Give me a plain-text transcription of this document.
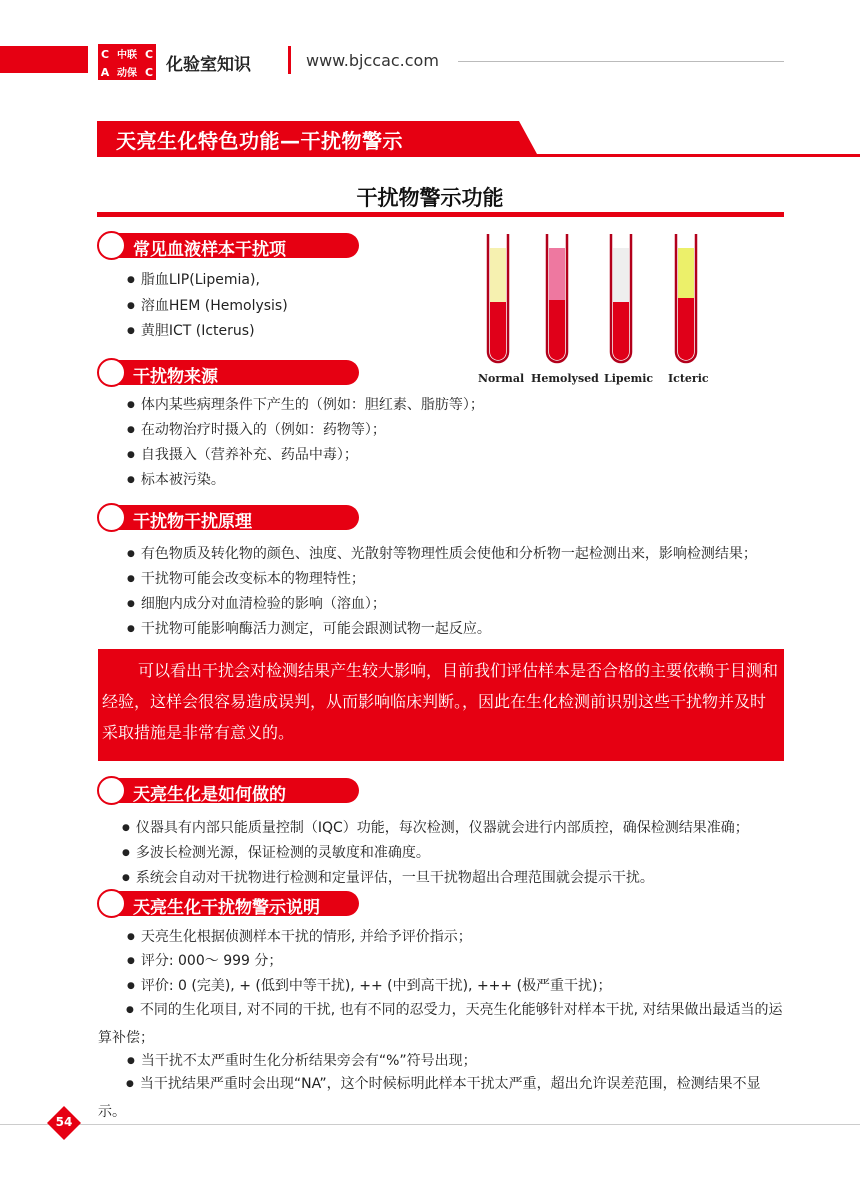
C 中联 C
A 动保 C 化验室知识	www.bjccac.com
天亮生化特色功能—干扰物警示
干扰物警示功能
常见血液样本干扰项
● 脂血LIP(Lipemia),
● 溶血HEM (Hemolysis)
● 黄胆ICT (Icterus)
Normal Hemolysed Lipemic Icteric
干扰物来源
● 体内某些病理条件下产生的（例如：胆红素、脂肪等）；
● 在动物治疗时摄入的（例如：药物等）；
● 自我摄入（营养补充、药品中毒）；
● 标本被污染。
干扰物干扰原理
● 有色物质及转化物的颜色、浊度、光散射等物理性质会使他和分析物一起检测出来，影响检测结果；
● 干扰物可能会改变标本的物理特性；
● 细胞内成分对血清检验的影响（溶血）；
● 干扰物可能影响酶活力测定，可能会跟测试物一起反应。
可以看出干扰会对检测结果产生较大影响，目前我们评估样本是否合格的主要依赖于目测和经验，这样会很容易造成误判，从而影响临床判断。，因此在生化检测前识别这些干扰物并及时采取措施是非常有意义的。
天亮生化是如何做的
● 仪器具有内部只能质量控制（IQC）功能，每次检测，仪器就会进行内部质控，确保检测结果准确；
● 多波长检测光源，保证检测的灵敏度和准确度。
● 系统会自动对干扰物进行检测和定量评估，一旦干扰物超出合理范围就会提示干扰。
天亮生化干扰物警示说明
● 天亮生化根据侦测样本干扰的情形, 并给予评价指示；
● 评分: 000～ 999 分；
● 评价: 0 (完美), + (低到中等干扰), ++ (中到高干扰), +++ (极严重干扰)；
● 不同的生化项目, 对不同的干扰, 也有不同的忍受力，天亮生化能够针对样本干扰, 对结果做出最适当的运算补偿；
● 当干扰不太严重时生化分析结果旁会有“%”符号出现；
● 当干扰结果严重时会出现“NA”，这个时候标明此样本干扰太严重，超出允许误差范围，检测结果不显示。
54
